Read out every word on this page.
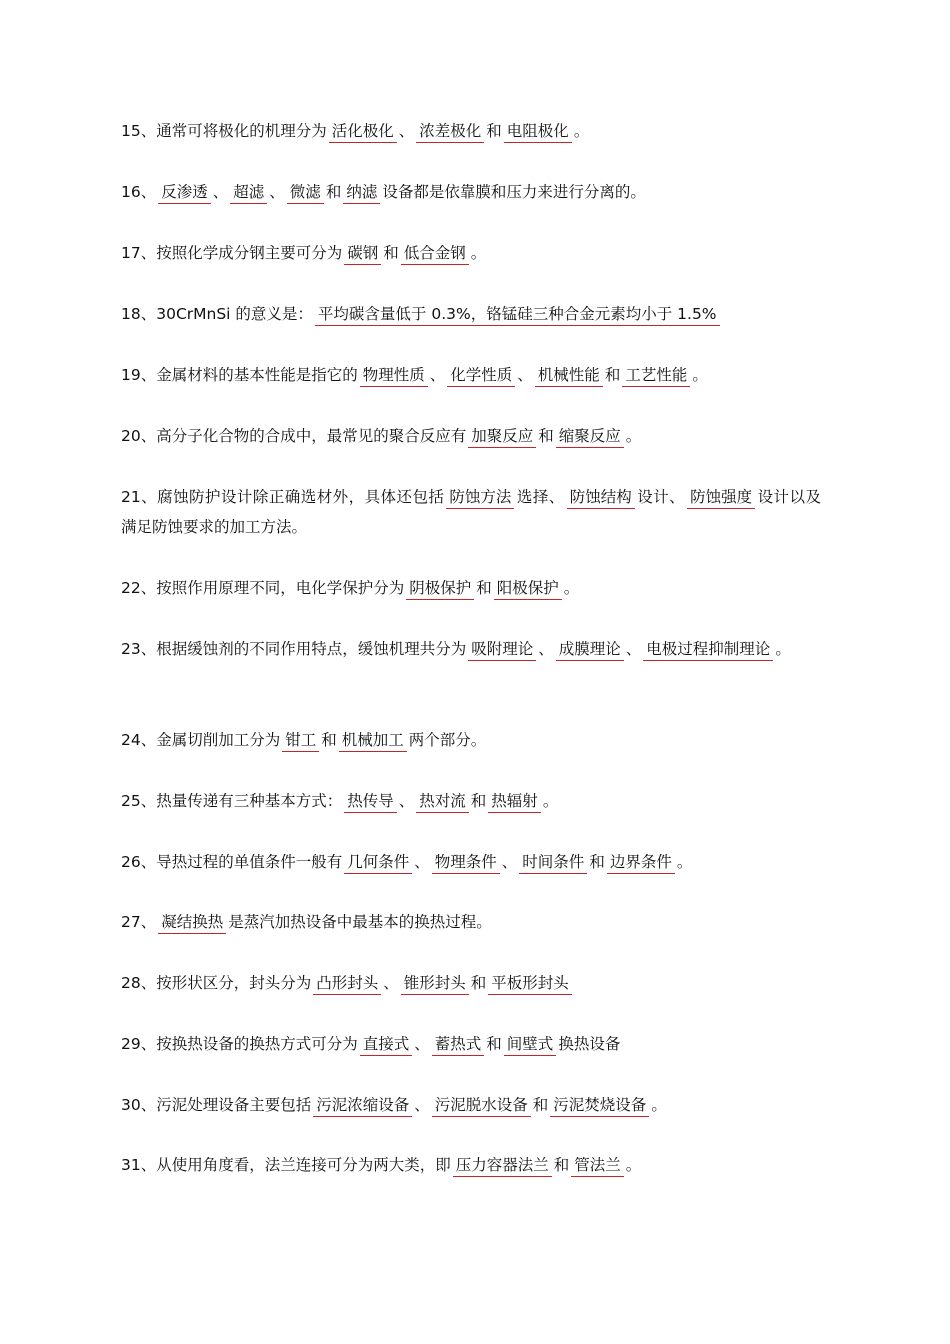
15、通常可将极化的机理分为 活化极化 、 浓差极化 和 电阻极化 。
16、 反渗透 、 超滤 、 微滤 和 纳滤 设备都是依靠膜和压力来进行分离的。
17、按照化学成分钢主要可分为 碳钢 和 低合金钢 。
18、30CrMnSi 的意义是： 平均碳含量低于 0.3%，铬锰硅三种合金元素均小于 1.5%
19、金属材料的基本性能是指它的 物理性质 、 化学性质 、 机械性能 和 工艺性能 。
20、高分子化合物的合成中，最常见的聚合反应有 加聚反应 和 缩聚反应 。
21、腐蚀防护设计除正确选材外，具体还包括 防蚀方法 选择、 防蚀结构 设计、 防蚀强度 设计以及满足防蚀要求的加工方法。
22、按照作用原理不同，电化学保护分为 阴极保护 和 阳极保护 。
23、根据缓蚀剂的不同作用特点，缓蚀机理共分为 吸附理论 、 成膜理论 、 电极过程抑制理论 。
24、金属切削加工分为 钳工 和 机械加工 两个部分。
25、热量传递有三种基本方式： 热传导 、 热对流 和 热辐射 。
26、导热过程的单值条件一般有 几何条件 、 物理条件 、 时间条件 和 边界条件 。
27、 凝结换热 是蒸汽加热设备中最基本的换热过程。
28、按形状区分，封头分为 凸形封头 、 锥形封头 和 平板形封头
29、按换热设备的换热方式可分为 直接式 、 蓄热式 和 间壁式 换热设备
30、污泥处理设备主要包括 污泥浓缩设备 、 污泥脱水设备 和 污泥焚烧设备 。
31、从使用角度看，法兰连接可分为两大类，即 压力容器法兰 和 管法兰 。
